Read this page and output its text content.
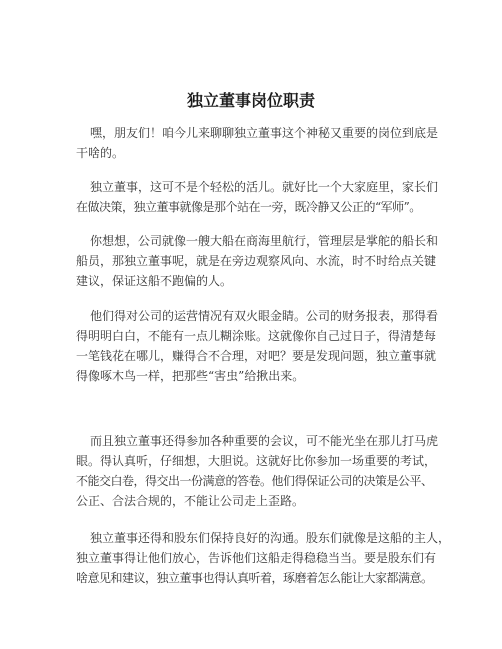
独立董事岗位职责

嘿，朋友们！咱今儿来聊聊独立董事这个神秘又重要的岗位到底是
干啥的。

独立董事，这可不是个轻松的活儿。就好比一个大家庭里，家长们
在做决策，独立董事就像是那个站在一旁，既冷静又公正的“军师”。

你想想，公司就像一艘大船在商海里航行，管理层是掌舵的船长和
船员，那独立董事呢，就是在旁边观察风向、水流，时不时给点关键
建议，保证这船不跑偏的人。

他们得对公司的运营情况有双火眼金睛。公司的财务报表，那得看
得明明白白，不能有一点儿糊涂账。这就像你自己过日子，得清楚每
一笔钱花在哪儿，赚得合不合理，对吧？要是发现问题，独立董事就
得像啄木鸟一样，把那些“害虫”给揪出来。

而且独立董事还得参加各种重要的会议，可不能光坐在那儿打马虎
眼。得认真听，仔细想，大胆说。这就好比你参加一场重要的考试，
不能交白卷，得交出一份满意的答卷。他们得保证公司的决策是公平、
公正、合法合规的，不能让公司走上歪路。

独立董事还得和股东们保持良好的沟通。股东们就像是这船的主人，
独立董事得让他们放心，告诉他们这船走得稳稳当当。要是股东们有
啥意见和建议，独立董事也得认真听着，琢磨着怎么能让大家都满意。
